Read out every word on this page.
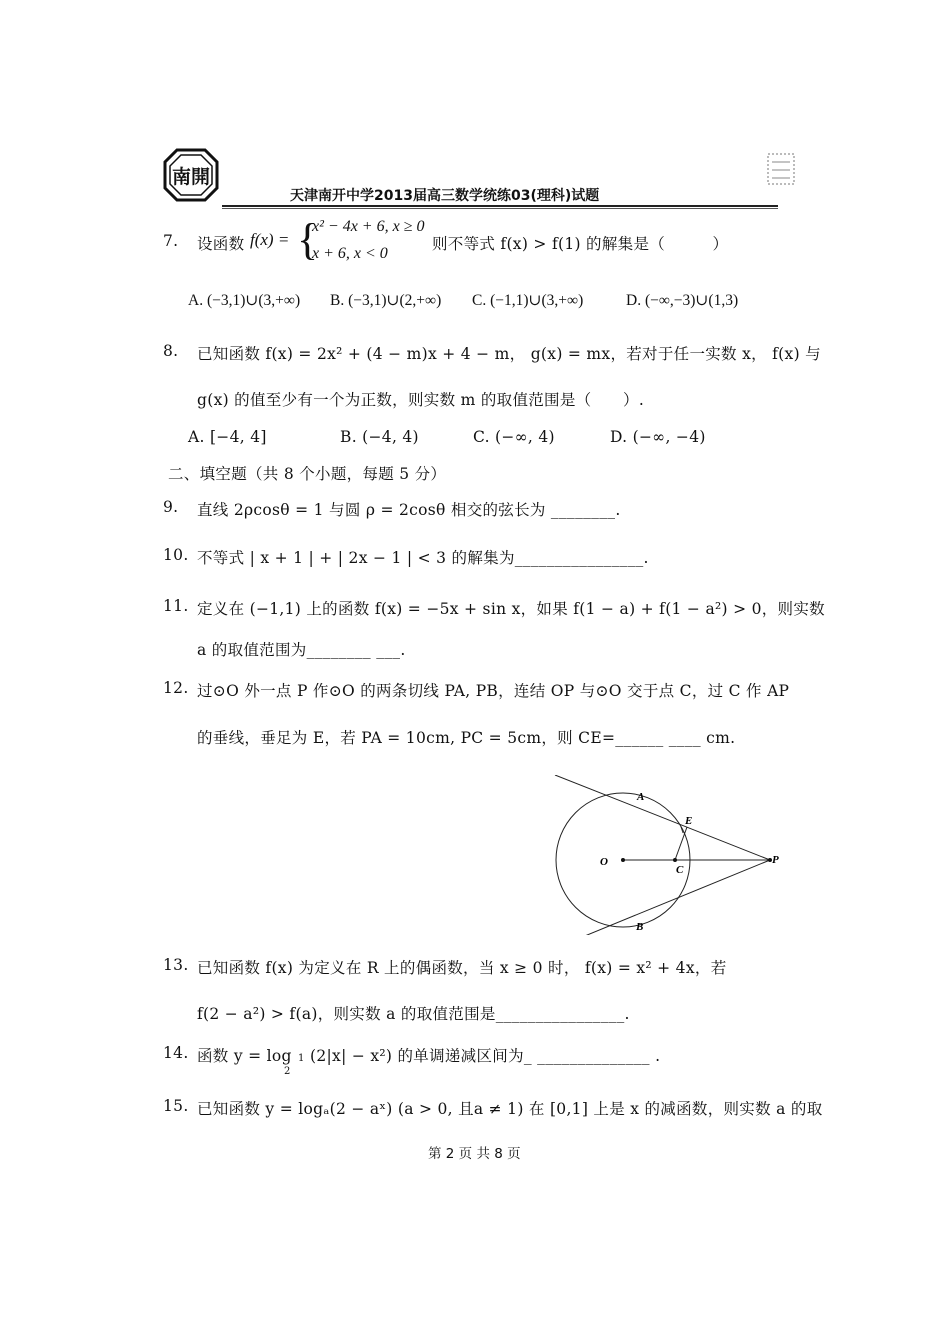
南開
天津南开中学2013届高三数学统练03(理科)试题
7. 设函数 f(x) = {
x² − 4x + 6, x ≥ 0
x + 6, x < 0
则不等式 f(x) > f(1) 的解集是（　　　）
A. (−3,1)∪(3,+∞) B. (−3,1)∪(2,+∞) C. (−1,1)∪(3,+∞)	D. (−∞,−3)∪(1,3)
8. 已知函数 f(x) = 2x² + (4 − m)x + 4 − m， g(x) = mx，若对于任一实数 x， f(x) 与
g(x) 的值至少有一个为正数，则实数 m 的取值范围是（　　）.
A. [−4, 4]	B. (−4, 4)	C. (−∞, 4)	D. (−∞, −4)
二、填空题（共 8 个小题，每题 5 分）
9. 直线 2ρcosθ = 1 与圆 ρ = 2cosθ 相交的弦长为 ________.
10. 不等式 | x + 1 | + | 2x − 1 | < 3 的解集为________________.
11. 定义在 (−1,1) 上的函数 f(x) = −5x + sin x，如果 f(1 − a) + f(1 − a²) > 0，则实数
a 的取值范围为________ ___.
12. 过⊙O 外一点 P 作⊙O 的两条切线 PA, PB，连结 OP 与⊙O 交于点 C，过 C 作 AP
的垂线，垂足为 E，若 PA = 10cm, PC = 5cm，则 CE=______ ____ cm.
A
E
O
C
P
B
13. 已知函数 f(x) 为定义在 R 上的偶函数，当 x ≥ 0 时， f(x) = x² + 4x，若
f(2 − a²) > f(a)，则实数 a 的取值范围是________________.
14. 函数 y = log 1
2
(2|x| − x²) 的单调递减区间为_ ______________ .
15. 已知函数 y = logₐ(2 − aˣ) (a > 0, 且a ≠ 1) 在 [0,1] 上是 x 的减函数，则实数 a 的取
第 2 页 共 8 页
